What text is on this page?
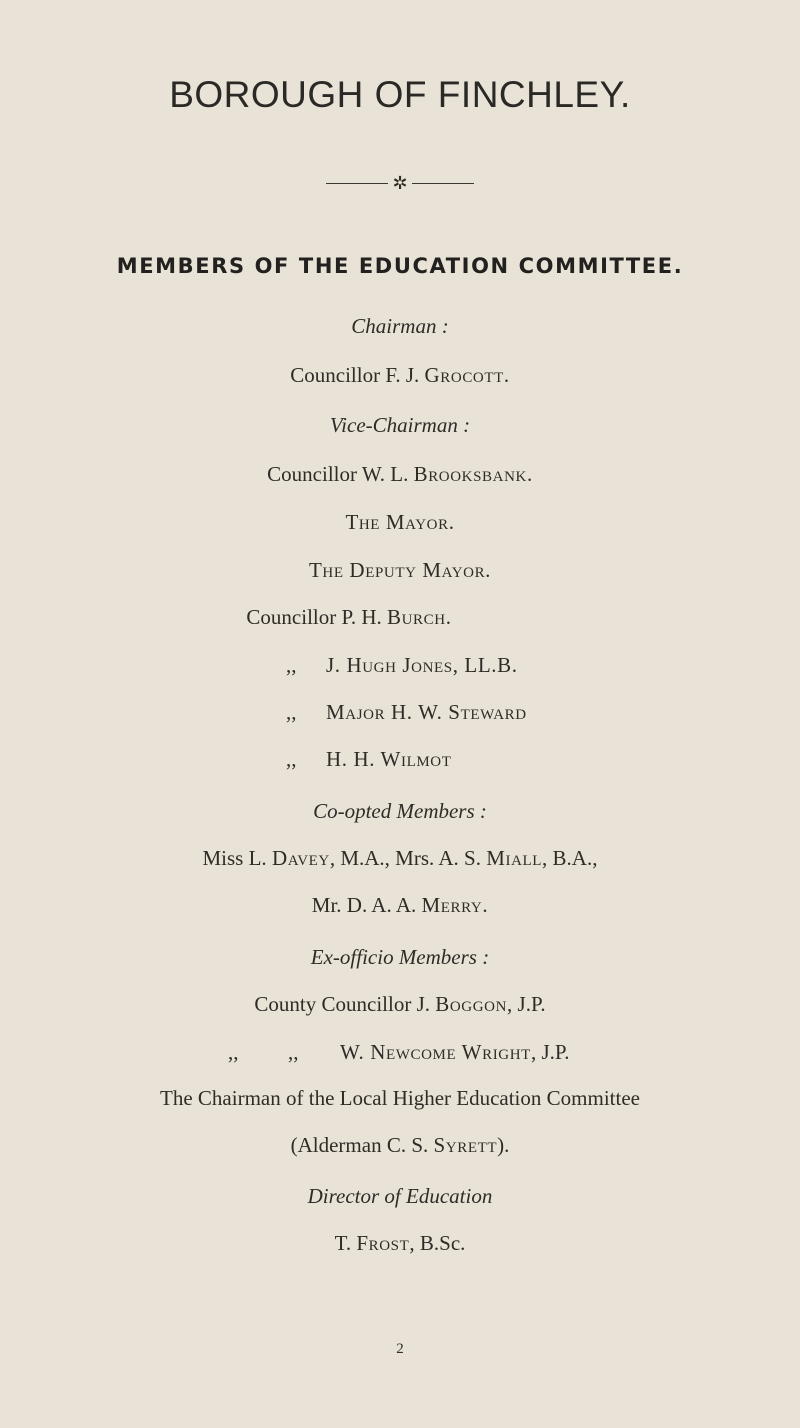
BOROUGH OF FINCHLEY.
✲
MEMBERS OF THE EDUCATION COMMITTEE.
Chairman :
Councillor F. J. Grocott.
Vice-Chairman :
Councillor W. L. Brooksbank.
The Mayor.
The Deputy Mayor.
Councillor P. H. Burch.
,, J. Hugh Jones, LL.B.
,, Major H. W. Steward
,, H. H. Wilmot
Co-opted Members :
Miss L. Davey, M.A., Mrs. A. S. Miall, B.A.,
Mr. D. A. A. Merry.
Ex-officio Members :
County Councillor J. Boggon, J.P.
,, ,, W. Newcome Wright, J.P.
The Chairman of the Local Higher Education Committee
(Alderman C. S. Syrett).
Director of Education
T. Frost, B.Sc.
2
